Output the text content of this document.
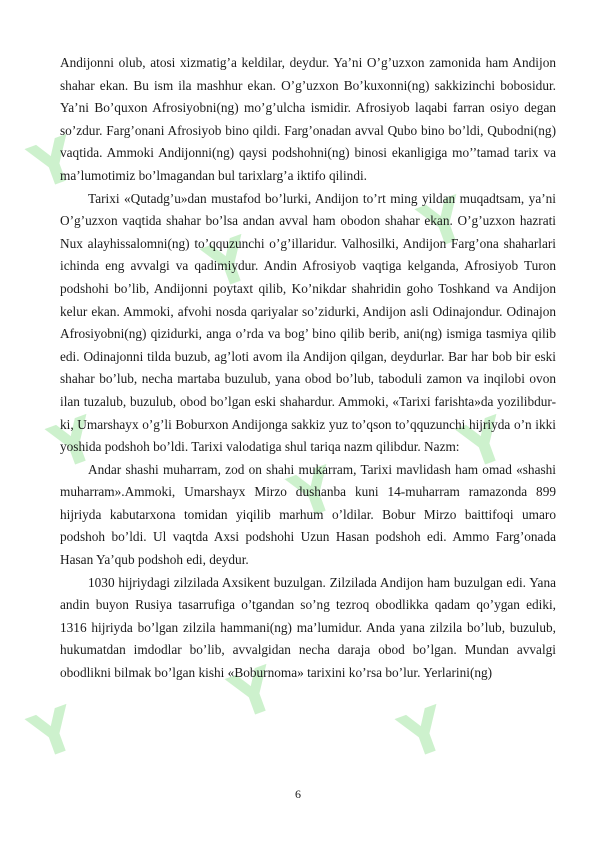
Y
Y	Y
Y
Y
Y
Y Y Y

Andijonni olub, atosi xizmatig’a keldilar, deydur. Ya’ni O’g’uzxon zamonida ham Andijon shahar ekan. Bu ism ila mashhur ekan. O’g’uzxon Bo’kuxonni(ng) sakkizinchi bobosidur. Ya’ni Bo’quxon Afrosiyobni(ng) mo’g’ulcha ismidir. Afrosiyob laqabi farran osiyo degan so’zdur. Farg’onani Afrosiyob bino qildi. Farg’onadan avval Qubo bino bo’ldi, Qubodni(ng) vaqtida. Ammoki Andijonni(ng) qaysi podshohni(ng) binosi ekanligiga mo’’tamad tarix va ma’lumotimiz bo’lmagandan bul tarixlarg’a iktifo qilindi.

Tarixi «Qutadg’u»dan mustafod bo’lurki, Andijon to’rt ming yildan muqadtsam, ya’ni O’g’uzxon vaqtida shahar bo’lsa andan avval ham obodon shahar ekan. O’g’uzxon hazrati Nux alayhissalomni(ng) to’qquzunchi o’g’illaridur. Valhosilki, Andijon Farg’ona shaharlari ichinda eng avvalgi va qadimiydur. Andin Afrosiyob vaqtiga kelganda, Afrosiyob Turon podshohi bo’lib, Andijonni poytaxt qilib, Ko’nikdar shahridin goho Toshkand va Andijon kelur ekan. Ammoki, afvohi nosda qariyalar so’zidurki, Andijon asli Odinajondur. Odinajon Afrosiyobni(ng) qizidurki, anga o’rda va bog’ bino qilib berib, ani(ng) ismiga tasmiya qilib edi. Odinajonni tilda buzub, ag’loti avom ila Andijon qilgan, deydurlar. Bar har bob bir eski shahar bo’lub, necha martaba buzulub, yana obod bo’lub, taboduli zamon va inqilobi ovon ilan tuzalub, buzulub, obod bo’lgan eski shahardur. Ammoki, «Tarixi farishta»da yozilibdur-ki, Umarshayx o’g’li Boburxon Andijonga sakkiz yuz to’qson to’qquzunchi hijriyda o’n ikki yoshida podshoh bo’ldi. Tarixi valodatiga shul tariqa nazm qilibdur. Nazm:

Andar shashi muharram, zod on shahi mukarram, Tarixi mavlidash ham omad «shashi muharram».Ammoki, Umarshayx Mirzo dushanba kuni 14-muharram ramazonda 899 hijriyda kabutarxona tomidan yiqilib marhum o’ldilar. Bobur Mirzo baittifoqi umaro podshoh bo’ldi. Ul vaqtda Axsi podshohi Uzun Hasan podshoh edi. Ammo Farg’onada Hasan Ya’qub podshoh edi, deydur.

1030 hijriydagi zilzilada Axsikent buzulgan. Zilzilada Andijon ham buzulgan edi. Yana andin buyon Rusiya tasarrufiga o’tgandan so’ng tezroq obodlikka qadam qo’ygan ediki, 1316 hijriyda bo’lgan zilzila hammani(ng) ma’lumidur. Anda yana zilzila bo’lub, buzulub, hukumatdan imdodlar bo’lib, avvalgidan necha daraja obod bo’lgan. Mundan avvalgi obodlikni bilmak bo’lgan kishi «Boburnoma» tarixini ko’rsa bo’lur. Yerlarini(ng)

6
